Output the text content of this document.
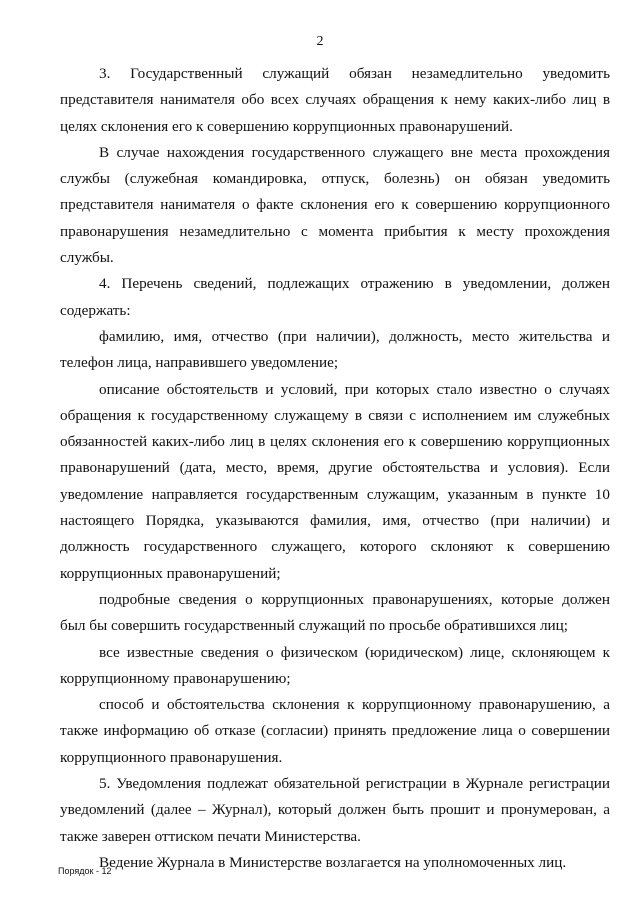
2

3. Государственный служащий обязан незамедлительно уведомить представителя нанимателя обо всех случаях обращения к нему каких-либо лиц в целях склонения его к совершению коррупционных правонарушений.

В случае нахождения государственного служащего вне места прохождения службы (служебная командировка, отпуск, болезнь) он обязан уведомить представителя нанимателя о факте склонения его к совершению коррупционного правонарушения незамедлительно с момента прибытия к месту прохождения службы.

4. Перечень сведений, подлежащих отражению в уведомлении, должен содержать:

фамилию, имя, отчество (при наличии), должность, место жительства и телефон лица, направившего уведомление;

описание обстоятельств и условий, при которых стало известно о случаях обращения к государственному служащему в связи с исполнением им служебных обязанностей каких-либо лиц в целях склонения его к совершению коррупционных правонарушений (дата, место, время, другие обстоятельства и условия). Если уведомление направляется государственным служащим, указанным в пункте 10 настоящего Порядка, указываются фамилия, имя, отчество (при наличии) и должность государственного служащего, которого склоняют к совершению коррупционных правонарушений;

подробные сведения о коррупционных правонарушениях, которые должен был бы совершить государственный служащий по просьбе обратившихся лиц;

все известные сведения о физическом (юридическом) лице, склоняющем к коррупционному правонарушению;

способ и обстоятельства склонения к коррупционному правонарушению, а также информацию об отказе (согласии) принять предложение лица о совершении коррупционного правонарушения.

5. Уведомления подлежат обязательной регистрации в Журнале регистрации уведомлений (далее – Журнал), который должен быть прошит и пронумерован, а также заверен оттиском печати Министерства.

Ведение Журнала в Министерстве возлагается на уполномоченных лиц.

Порядок - 12
